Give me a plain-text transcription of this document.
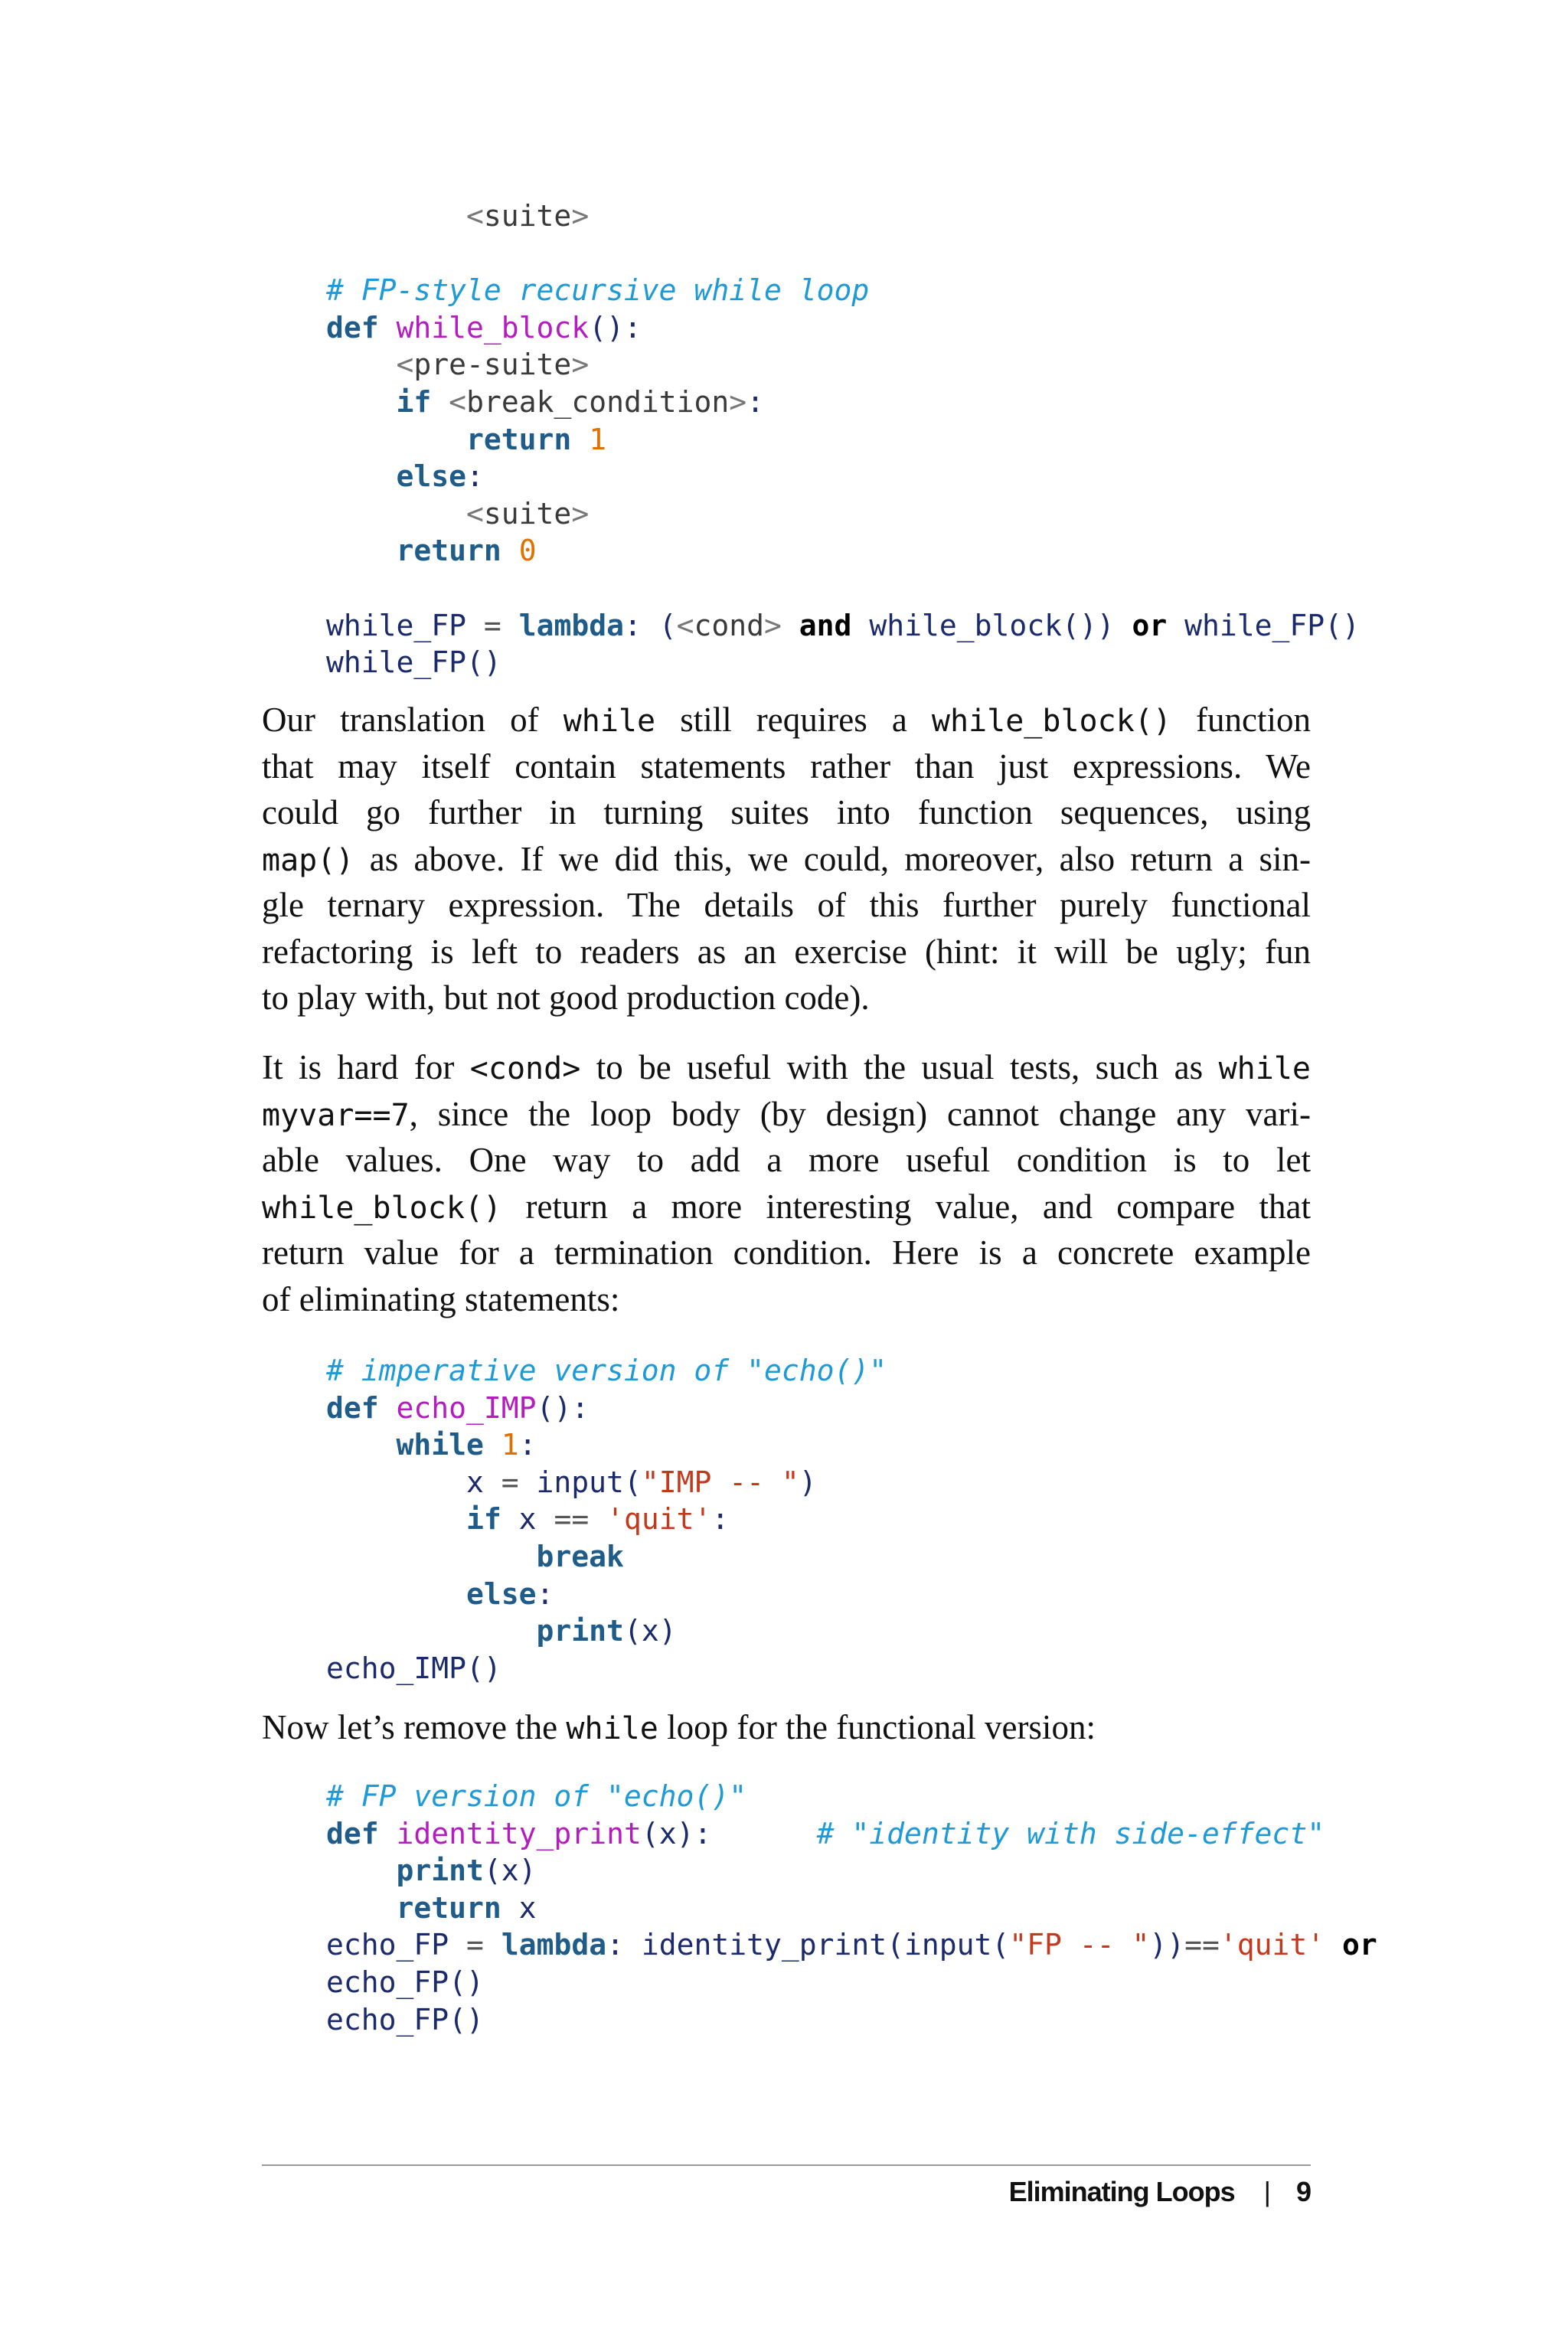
<suite>
# FP-style recursive while loop
def while_block():
<pre-suite>
if <break_condition>:
return 1
else:
<suite>
return 0
while_FP = lambda: (<cond> and while_block()) or while_FP()
while_FP()
Our translation of while still requires a while_block() function
that may itself contain statements rather than just expressions. We
could go further in turning suites into function sequences, using
map() as above. If we did this, we could, moreover, also return a sin-
gle ternary expression. The details of this further purely functional
refactoring is left to readers as an exercise (hint: it will be ugly; fun
to play with, but not good production code).
It is hard for <cond> to be useful with the usual tests, such as while
myvar==7, since the loop body (by design) cannot change any vari-
able values. One way to add a more useful condition is to let
while_block() return a more interesting value, and compare that
return value for a termination condition. Here is a concrete example
of eliminating statements:
# imperative version of "echo()"
def echo_IMP():
while 1:
x = input("IMP -- ")
if x == 'quit':
break
else:
print(x)
echo_IMP()
Now let’s remove the while loop for the functional version:
# FP version of "echo()"
def identity_print(x):      # "identity with side-effect"
print(x)
return x
echo_FP = lambda: identity_print(input("FP -- "))=='quit' or
echo_FP()
echo_FP()
Eliminating Loops | 9
